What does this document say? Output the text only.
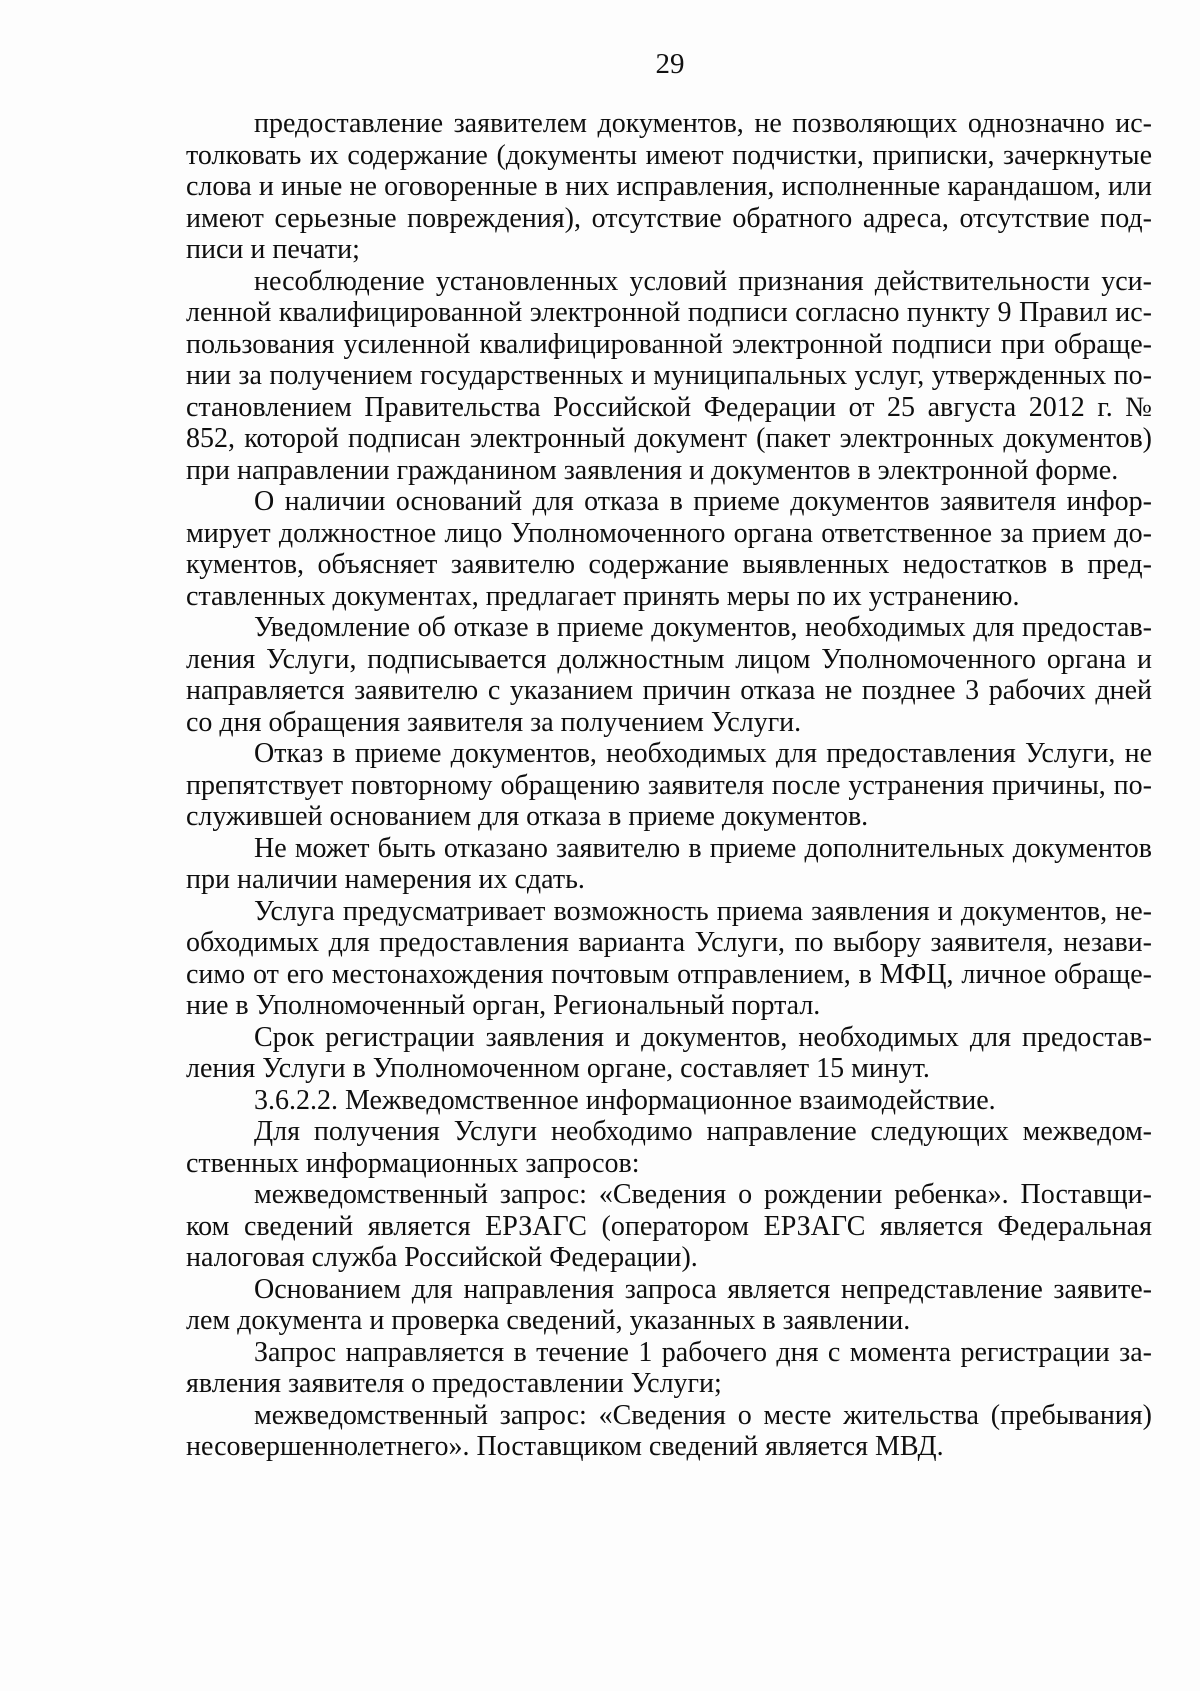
29

предоставление заявителем документов, не позволяющих однозначно истолковать их содержание (документы имеют подчистки, приписки, зачеркнутые слова и иные не оговоренные в них исправления, исполненные карандашом, или имеют серьезные повреждения), отсутствие обратного адреса, отсутствие подписи и печати;

несоблюдение установленных условий признания действительности усиленной квалифицированной электронной подписи согласно пункту 9 Правил использования усиленной квалифицированной электронной подписи при обращении за получением государственных и муниципальных услуг, утвержденных постановлением Правительства Российской Федерации от 25 августа 2012 г. № 852, которой подписан электронный документ (пакет электронных документов) при направлении гражданином заявления и документов в электронной форме.

О наличии оснований для отказа в приеме документов заявителя информирует должностное лицо Уполномоченного органа ответственное за прием документов, объясняет заявителю содержание выявленных недостатков в представленных документах, предлагает принять меры по их устранению.

Уведомление об отказе в приеме документов, необходимых для предоставления Услуги, подписывается должностным лицом Уполномоченного органа и направляется заявителю с указанием причин отказа не позднее 3 рабочих дней со дня обращения заявителя за получением Услуги.

Отказ в приеме документов, необходимых для предоставления Услуги, не препятствует повторному обращению заявителя после устранения причины, послужившей основанием для отказа в приеме документов.

Не может быть отказано заявителю в приеме дополнительных документов при наличии намерения их сдать.

Услуга предусматривает возможность приема заявления и документов, необходимых для предоставления варианта Услуги, по выбору заявителя, независимо от его местонахождения почтовым отправлением, в МФЦ, личное обращение в Уполномоченный орган, Региональный портал.

Срок регистрации заявления и документов, необходимых для предоставления Услуги в Уполномоченном органе, составляет 15 минут.

3.6.2.2. Межведомственное информационное взаимодействие.

Для получения Услуги необходимо направление следующих межведомственных информационных запросов:

межведомственный запрос: «Сведения о рождении ребенка». Поставщиком сведений является ЕРЗАГС (оператором ЕРЗАГС является Федеральная налоговая служба Российской Федерации).

Основанием для направления запроса является непредставление заявителем документа и проверка сведений, указанных в заявлении.

Запрос направляется в течение 1 рабочего дня с момента регистрации заявления заявителя о предоставлении Услуги;

межведомственный запрос: «Сведения о месте жительства (пребывания) несовершеннолетнего». Поставщиком сведений является МВД.
